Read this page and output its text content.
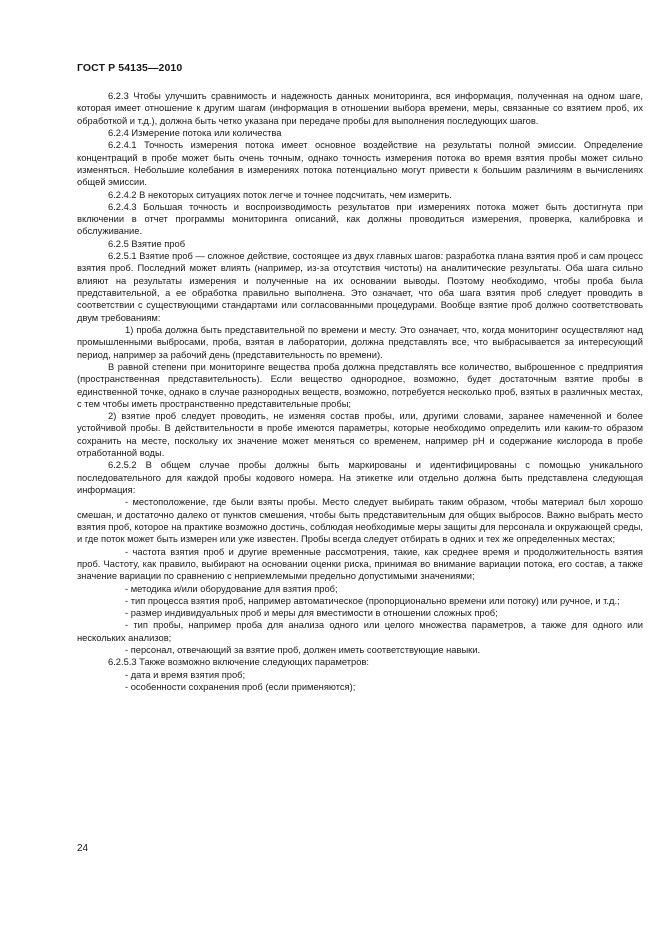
ГОСТ Р 54135—2010

6.2.3 Чтобы улучшить сравнимость и надежность данных мониторинга, вся информация, полученная на одном шаге, которая имеет отношение к другим шагам (информация в отношении выбора времени, меры, связанные со взятием проб, их обработкой и т.д.), должна быть четко указана при передаче пробы для выполнения последующих шагов.

6.2.4 Измерение потока или количества

6.2.4.1 Точность измерения потока имеет основное воздействие на результаты полной эмиссии. Определение концентраций в пробе может быть очень точным, однако точность измерения потока во время взятия пробы может сильно изменяться. Небольшие колебания в измерениях потока потенциально могут привести к большим различиям в вычислениях общей эмиссии.

6.2.4.2 В некоторых ситуациях поток легче и точнее подсчитать, чем измерить.

6.2.4.3 Большая точность и воспроизводимость результатов при измерениях потока может быть достигнута при включении в отчет программы мониторинга описаний, как должны проводиться измерения, проверка, калибровка и обслуживание.

6.2.5 Взятие проб

6.2.5.1 Взятие проб — сложное действие, состоящее из двух главных шагов: разработка плана взятия проб и сам процесс взятия проб. Последний может влиять (например, из-за отсутствия чистоты) на аналитические результаты. Оба шага сильно влияют на результаты измерения и полученные на их основании выводы. Поэтому необходимо, чтобы проба была представительной, а ее обработка правильно выполнена. Это означает, что оба шага взятия проб следует проводить в соответствии с существующими стандартами или согласованными процедурами. Вообще взятие проб должно соответствовать двум требованиям:

1) проба должна быть представительной по времени и месту. Это означает, что, когда мониторинг осуществляют над промышленными выбросами, проба, взятая в лаборатории, должна представлять все, что выбрасывается за интересующий период, например за рабочий день (представительность по времени).

В равной степени при мониторинге вещества проба должна представлять все количество, выброшенное с предприятия (пространственная представительность). Если вещество однородное, возможно, будет достаточным взятие пробы в единственной точке, однако в случае разнородных веществ, возможно, потребуется несколько проб, взятых в различных местах, с тем чтобы иметь пространственно представительные пробы;

2) взятие проб следует проводить, не изменяя состав пробы, или, другими словами, заранее намеченной и более устойчивой пробы. В действительности в пробе имеются параметры, которые необходимо определить или каким-то образом сохранить на месте, поскольку их значение может меняться со временем, например рН и содержание кислорода в пробе отработанной воды.

6.2.5.2 В общем случае пробы должны быть маркированы и идентифицированы с помощью уникального последовательного для каждой пробы кодового номера. На этикетке или отдельно должна быть представлена следующая информация:

- местоположение, где были взяты пробы. Место следует выбирать таким образом, чтобы материал был хорошо смешан, и достаточно далеко от пунктов смешения, чтобы быть представительным для общих выбросов. Важно выбрать место взятия проб, которое на практике возможно достичь, соблюдая необходимые меры защиты для персонала и окружающей среды, и где поток может быть измерен или уже известен. Пробы всегда следует отбирать в одних и тех же определенных местах;

- частота взятия проб и другие временные рассмотрения, такие, как среднее время и продолжительность взятия проб. Частоту, как правило, выбирают на основании оценки риска, принимая во внимание вариации потока, его состав, а также значение вариации по сравнению с неприемлемыми предельно допустимыми значениями;

- методика и/или оборудование для взятия проб;

- тип процесса взятия проб, например автоматическое (пропорционально времени или потоку) или ручное, и т.д.;

- размер индивидуальных проб и меры для вместимости в отношении сложных проб;

- тип пробы, например проба для анализа одного или целого множества параметров, а также для одного или нескольких анализов;

- персонал, отвечающий за взятие проб, должен иметь соответствующие навыки.

6.2.5.3 Также возможно включение следующих параметров:

- дата и время взятия проб;

- особенности сохранения проб (если применяются);

24
